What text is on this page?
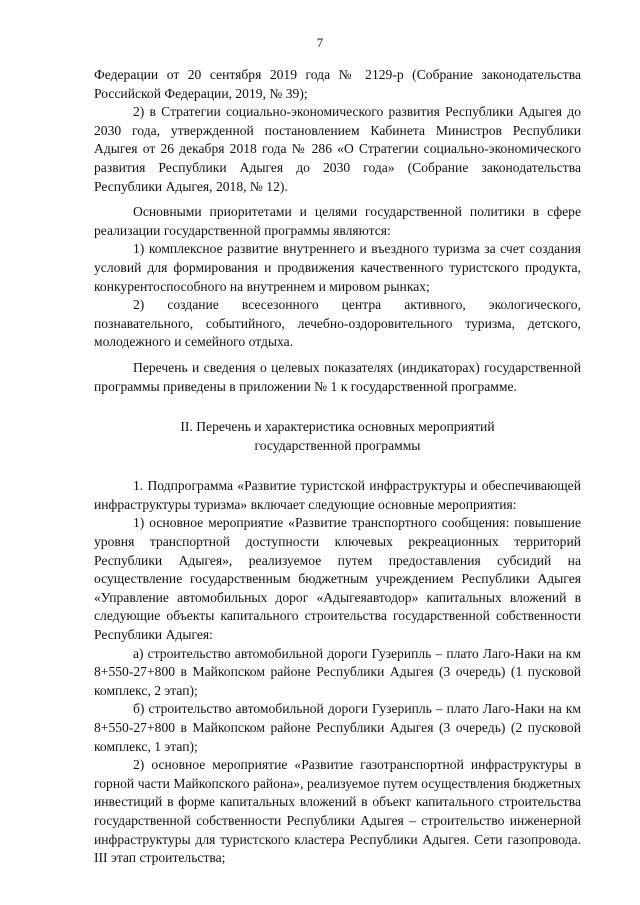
7

Федерации от 20 сентября 2019 года № 2129-р (Собрание законодательства Российской Федерации, 2019, № 39);

2) в Стратегии социально-экономического развития Республики Адыгея до 2030 года, утвержденной постановлением Кабинета Министров Республики Адыгея от 26 декабря 2018 года № 286 «О Стратегии социально-экономического развития Республики Адыгея до 2030 года» (Собрание законодательства Республики Адыгея, 2018, № 12).

Основными приоритетами и целями государственной политики в сфере реализации государственной программы являются:

1) комплексное развитие внутреннего и въездного туризма за счет создания условий для формирования и продвижения качественного туристского продукта, конкурентоспособного на внутреннем и мировом рынках;

2) создание всесезонного центра активного, экологического, познавательного, событийного, лечебно-оздоровительного туризма, детского, молодежного и семейного отдыха.

Перечень и сведения о целевых показателях (индикаторах) государственной программы приведены в приложении № 1 к государственной программе.

II. Перечень и характеристика основных мероприятий
государственной программы

1. Подпрограмма «Развитие туристской инфраструктуры и обеспечивающей инфраструктуры туризма» включает следующие основные мероприятия:

1) основное мероприятие «Развитие транспортного сообщения: повышение уровня транспортной доступности ключевых рекреационных территорий Республики Адыгея», реализуемое путем предоставления субсидий на осуществление государственным бюджетным учреждением Республики Адыгея «Управление автомобильных дорог «Адыгеяавтодор» капитальных вложений в следующие объекты капитального строительства государственной собственности Республики Адыгея:

а) строительство автомобильной дороги Гузерипль – плато Лаго-Наки на км 8+550-27+800 в Майкопском районе Республики Адыгея (3 очередь) (1 пусковой комплекс, 2 этап);

б) строительство автомобильной дороги Гузерипль – плато Лаго-Наки на км 8+550-27+800 в Майкопском районе Республики Адыгея (3 очередь) (2 пусковой комплекс, 1 этап);

2) основное мероприятие «Развитие газотранспортной инфраструктуры в горной части Майкопского района», реализуемое путем осуществления бюджетных инвестиций в форме капитальных вложений в объект капитального строительства государственной собственности Республики Адыгея – строительство инженерной инфраструктуры для туристского кластера Республики Адыгея. Сети газопровода. III этап строительства;
